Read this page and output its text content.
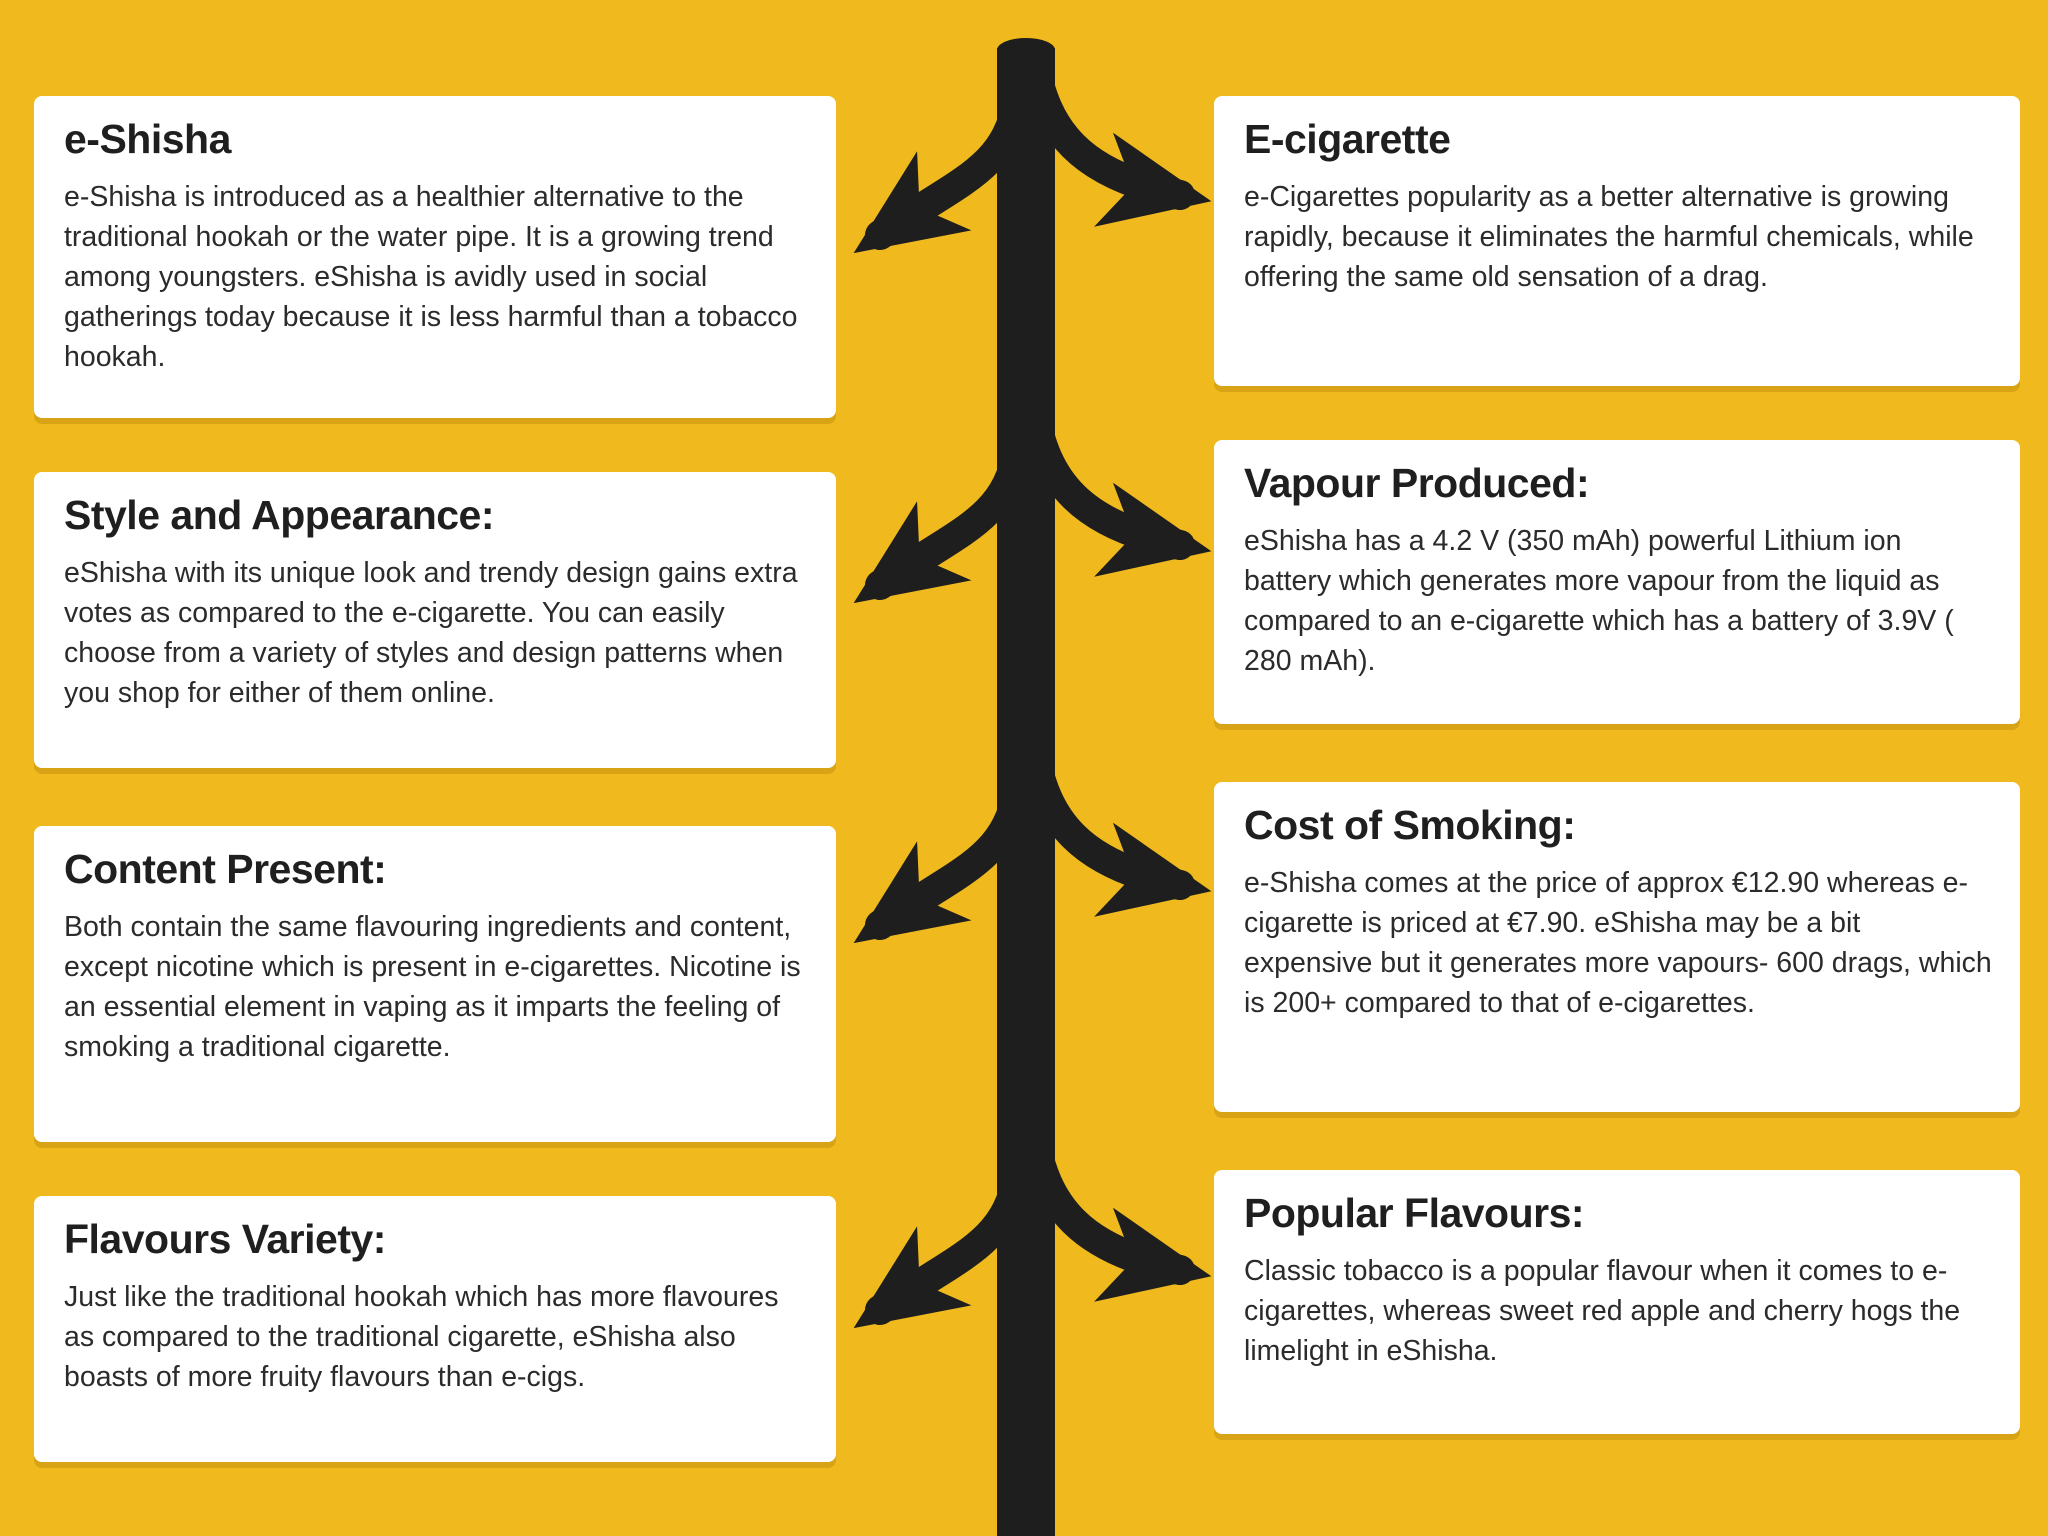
e-Shisha

e-Shisha is introduced as a healthier alternative to the traditional hookah or the water pipe. It is a growing trend among youngsters. eShisha is avidly used in social gatherings today because it is less harmful than a tobacco hookah.

Style and Appearance:

eShisha with its unique look and trendy design gains extra votes as compared to the e-cigarette. You can easily choose from a variety of styles and design patterns when you shop for either of them online.

Content Present:

Both contain the same flavouring ingredients and content, except nicotine which is present in e-cigarettes. Nicotine is an essential element in vaping as it imparts the feeling of smoking a traditional cigarette.

Flavours Variety:

Just like the traditional hookah which has more flavoures as compared to the traditional cigarette, eShisha also boasts of more fruity flavours than e-cigs.

E-cigarette

e-Cigarettes popularity as a better alternative is growing rapidly, because it eliminates the harmful chemicals, while offering the same old sensation of a drag.

Vapour Produced:

eShisha has a 4.2 V (350 mAh) powerful Lithium ion battery which generates more vapour from the liquid as compared to an e-cigarette which has a battery of 3.9V ( 280 mAh).

Cost of Smoking:

e-Shisha comes at the price of approx €12.90 whereas e-cigarette is priced at €7.90. eShisha may be a bit expensive but it generates more vapours- 600 drags, which is 200+ compared to that of e-cigarettes.

Popular Flavours:

Classic tobacco is a popular flavour when it comes to e-cigarettes, whereas sweet red apple and cherry hogs the limelight in eShisha.
